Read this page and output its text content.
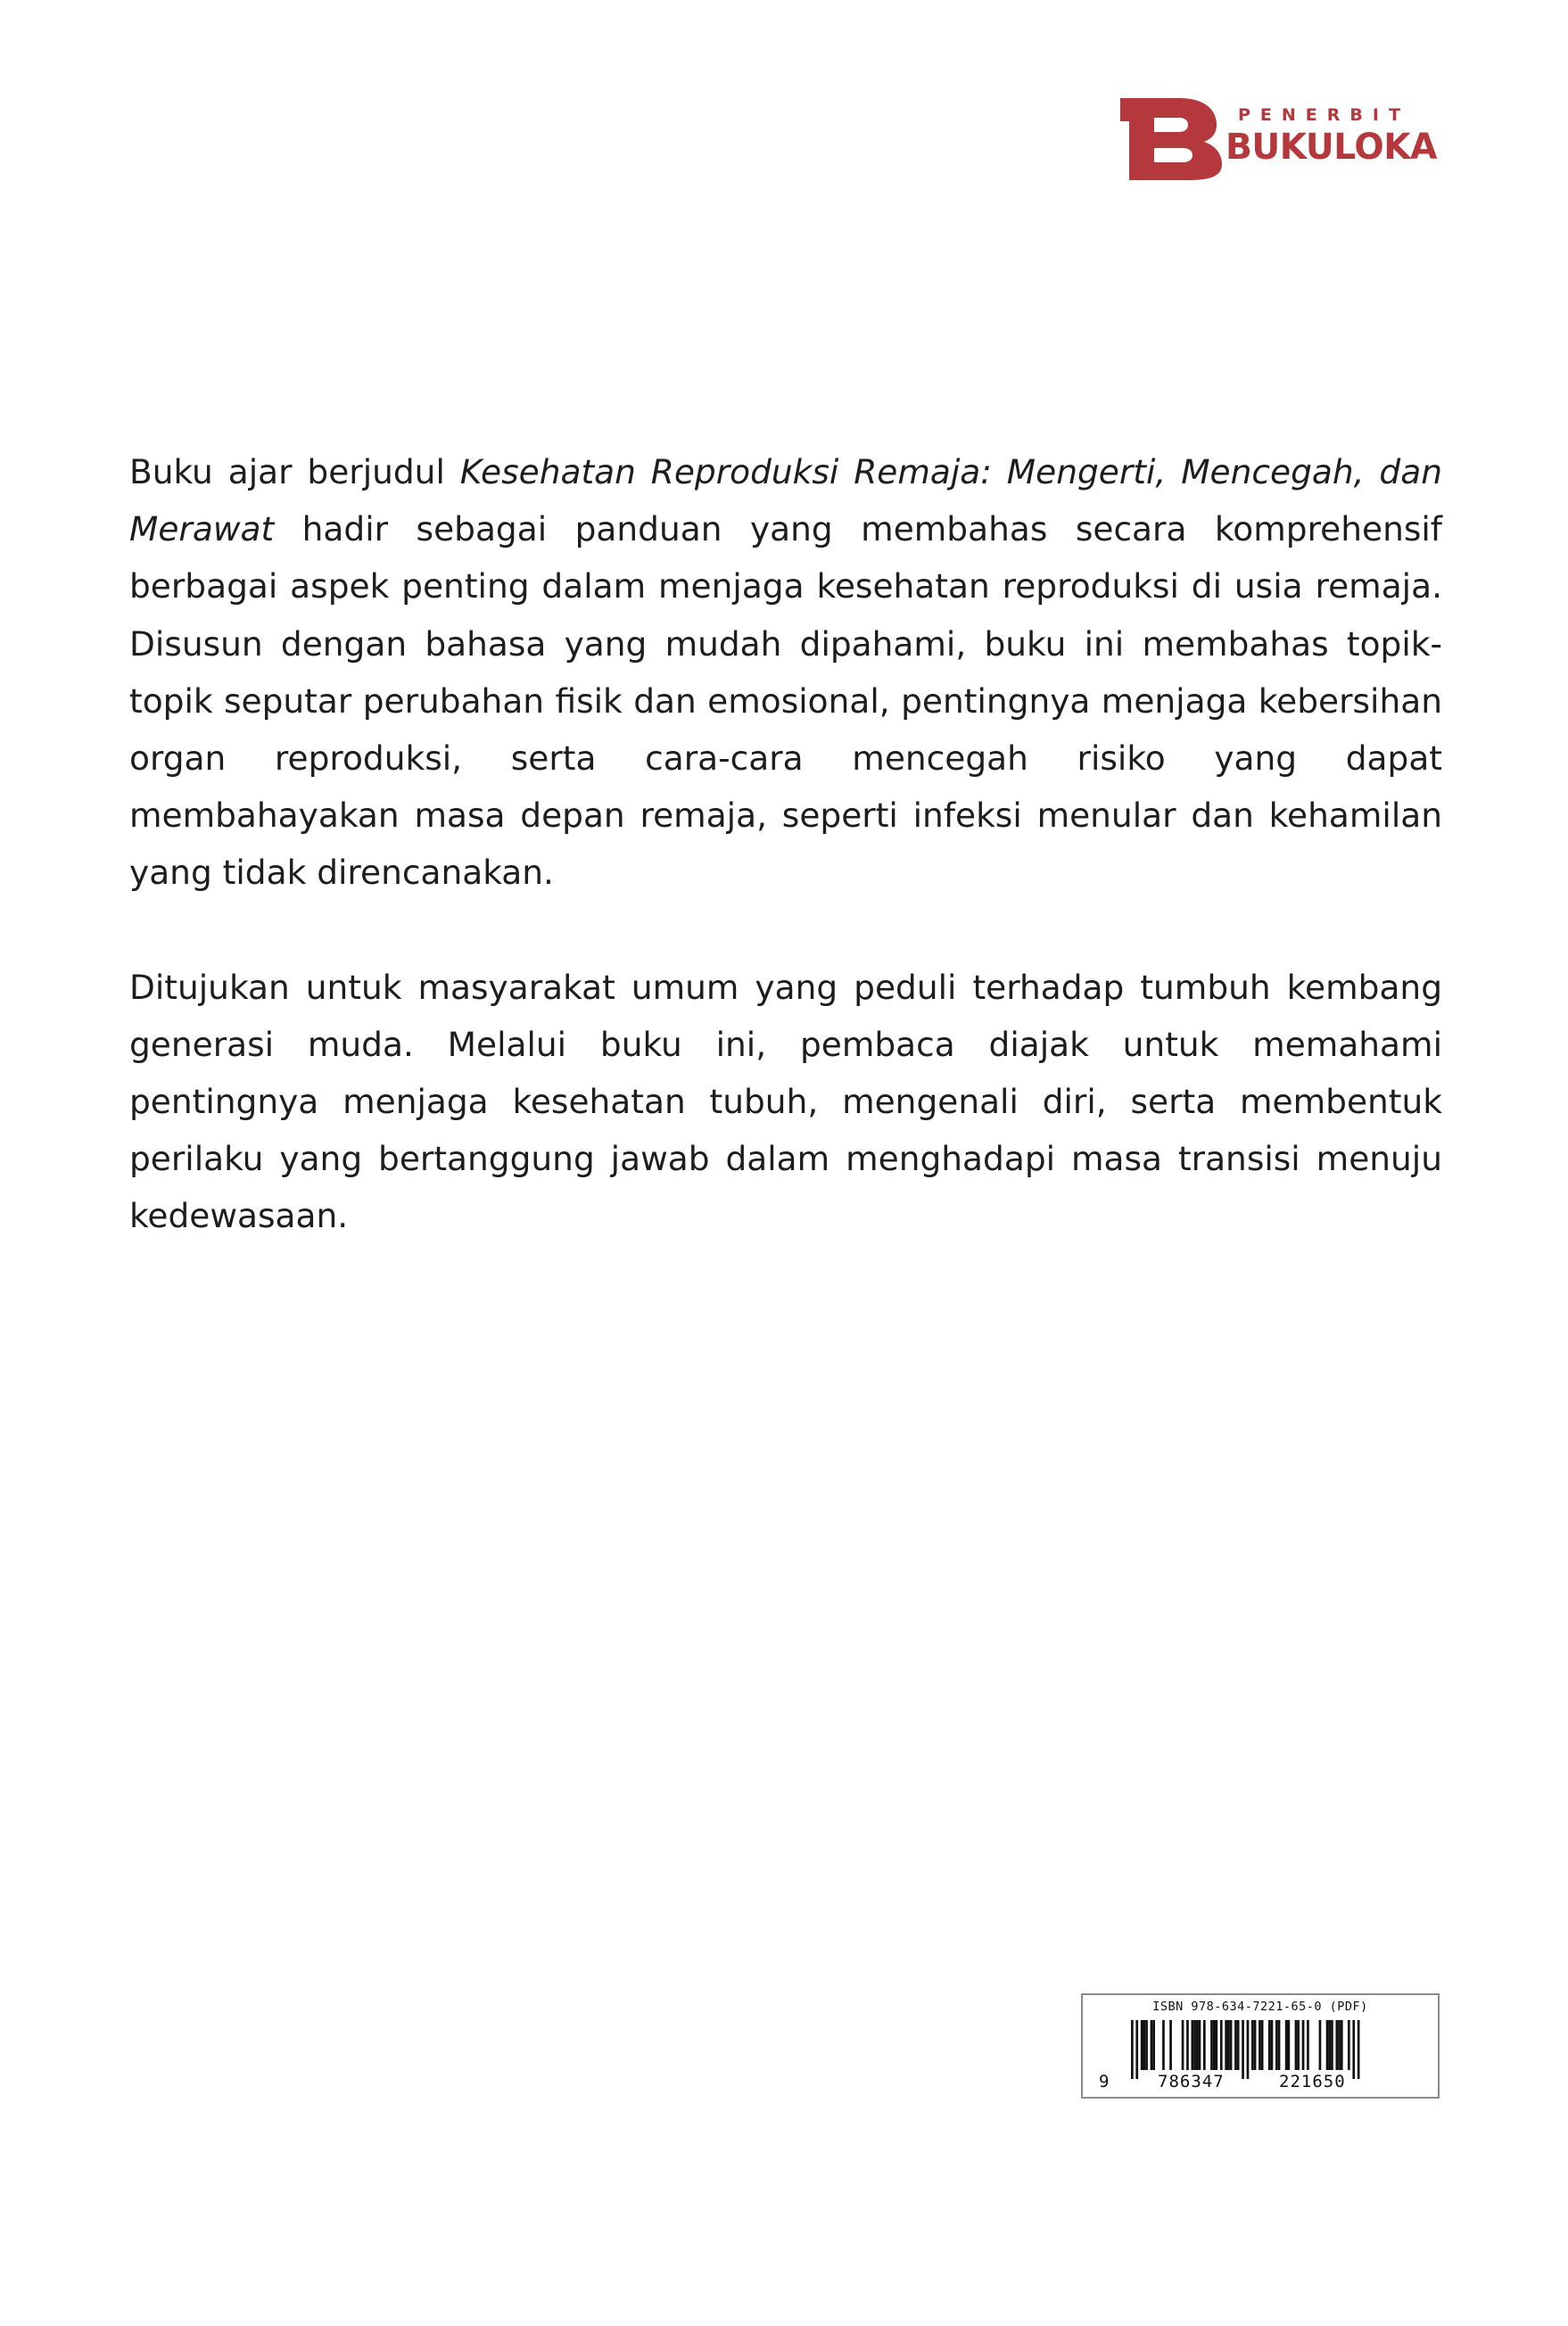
PENERBIT
BUKULOKA

Buku ajar berjudul Kesehatan Reproduksi Remaja: Mengerti, Mencegah, dan Merawat hadir sebagai panduan yang membahas secara komprehensif berbagai aspek penting dalam menjaga kesehatan reproduksi di usia remaja. Disusun dengan bahasa yang mudah dipahami, buku ini membahas topik-topik seputar perubahan fisik dan emosional, pentingnya menjaga kebersihan organ reproduksi, serta cara-cara mencegah risiko yang dapat membahayakan masa depan remaja, seperti infeksi menular dan kehamilan yang tidak direncanakan.

Ditujukan untuk masyarakat umum yang peduli terhadap tumbuh kembang generasi muda. Melalui buku ini, pembaca diajak untuk memahami pentingnya menjaga kesehatan tubuh, mengenali diri, serta membentuk perilaku yang bertanggung jawab dalam menghadapi masa transisi menuju kedewasaan.

ISBN 978-634-7221-65-0 (PDF)
9	786347	221650
